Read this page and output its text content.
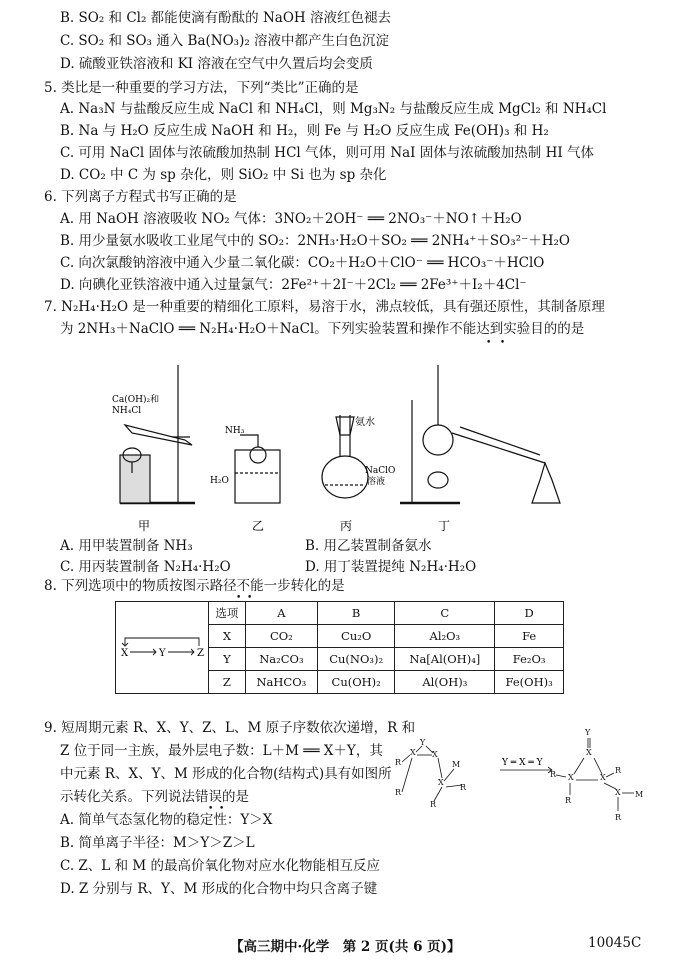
B. SO₂ 和 Cl₂ 都能使滴有酚酞的 NaOH 溶液红色褪去
C. SO₂ 和 SO₃ 通入 Ba(NO₃)₂ 溶液中都产生白色沉淀
D. 硫酸亚铁溶液和 KI 溶液在空气中久置后均会变质
5. 类比是一种重要的学习方法，下列“类比”正确的是
A. Na₃N 与盐酸反应生成 NaCl 和 NH₄Cl，则 Mg₃N₂ 与盐酸反应生成 MgCl₂ 和 NH₄Cl
B. Na 与 H₂O 反应生成 NaOH 和 H₂，则 Fe 与 H₂O 反应生成 Fe(OH)₃ 和 H₂
C. 可用 NaCl 固体与浓硫酸加热制 HCl 气体，则可用 NaI 固体与浓硫酸加热制 HI 气体
D. CO₂ 中 C 为 sp 杂化，则 SiO₂ 中 Si 也为 sp 杂化
6. 下列离子方程式书写正确的是
A. 用 NaOH 溶液吸收 NO₂ 气体：3NO₂＋2OH⁻ ══ 2NO₃⁻＋NO↑＋H₂O
B. 用少量氨水吸收工业尾气中的 SO₂：2NH₃·H₂O＋SO₂ ══ 2NH₄⁺＋SO₃²⁻＋H₂O
C. 向次氯酸钠溶液中通入少量二氧化碳：CO₂＋H₂O＋ClO⁻ ══ HCO₃⁻＋HClO
D. 向碘化亚铁溶液中通入过量氯气：2Fe²⁺＋2I⁻＋2Cl₂ ══ 2Fe³⁺＋I₂＋4Cl⁻
7. N₂H₄·H₂O 是一种重要的精细化工原料，易溶于水，沸点较低，具有强还原性，其制备原理
为 2NH₃＋NaClO ══ N₂H₄·H₂O＋NaCl。下列实验装置和操作不能达到实验目的的是
•   •
甲	乙	丙	丁
Ca(OH)₂和
NH₄Cl
NH₃
H₂O
氨水
NaClO
溶液
A. 用甲装置制备 NH₃	B. 用乙装置制备氨水
C. 用丙装置制备 N₂H₄·H₂O	D. 用丁装置提纯 N₂H₄·H₂O
8. 下列选项中的物质按图示路径不能一步转化的是
•  •
X Y Z	选项	A	B	C	D
	X	CO₂	Cu₂O	Al₂O₃	Fe
	Y	Na₂CO₃	Cu(NO₃)₂	Na[Al(OH)₄]	Fe₂O₃
	Z	NaHCO₃	Cu(OH)₂	Al(OH)₃	Fe(OH)₃
9. 短周期元素 R、X、Y、Z、L、M 原子序数依次递增，R 和
Z 位于同一主族，最外层电子数：L＋M ══ X＋Y，其
中元素 R、X、Y、M 形成的化合物(结构式)具有如图所
示转化关系。下列说法错误的是
•  •
R
X
Y
X
R
M
X
R
R
Y
X
R X	X
R
R
X M
R
Y ═ X ═ Y
A. 简单气态氢化物的稳定性：Y＞X
B. 简单离子半径：M＞Y＞Z＞L
C. Z、L 和 M 的最高价氧化物对应水化物能相互反应
D. Z 分别与 R、Y、M 形成的化合物中均只含离子键
【高三期中·化学　第 2 页(共 6 页)】	10045C
